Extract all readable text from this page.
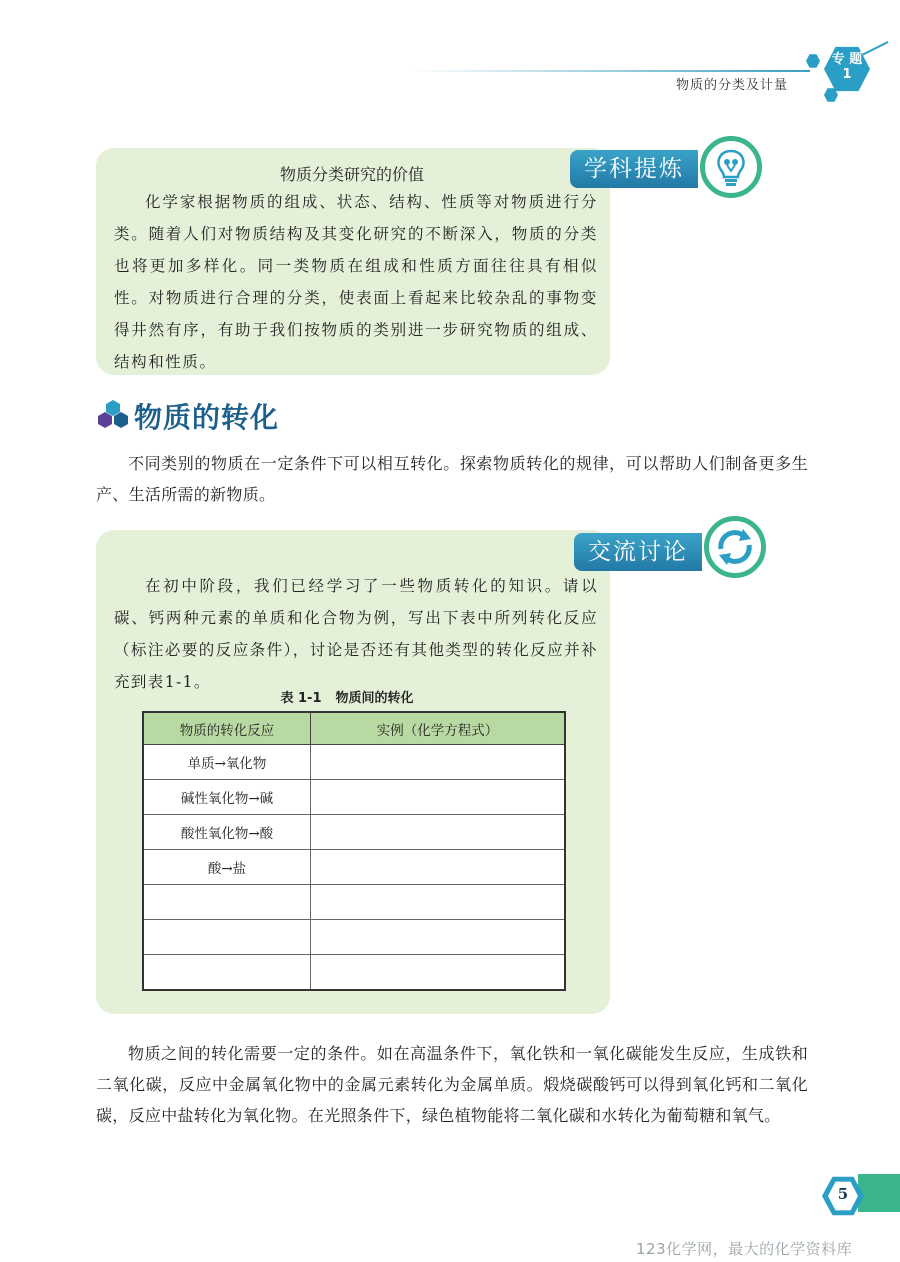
物质的分类及计量
专 题
1
学科提炼
物质分类研究的价值
化学家根据物质的组成、状态、结构、性质等对物质进行分类。随着人们对物质结构及其变化研究的不断深入，物质的分类也将更加多样化。同一类物质在组成和性质方面往往具有相似性。对物质进行合理的分类，使表面上看起来比较杂乱的事物变得井然有序，有助于我们按物质的类别进一步研究物质的组成、结构和性质。
物质的转化
不同类别的物质在一定条件下可以相互转化。探索物质转化的规律，可以帮助人们制备更多生产、生活所需的新物质。
交流讨论
在初中阶段，我们已经学习了一些物质转化的知识。请以碳、钙两种元素的单质和化合物为例，写出下表中所列转化反应（标注必要的反应条件），讨论是否还有其他类型的转化反应并补充到表1-1。
表 1-1 物质间的转化
物质的转化反应	实例（化学方程式）
单质→氧化物	
碱性氧化物→碱	
酸性氧化物→酸	
酸→盐	

物质之间的转化需要一定的条件。如在高温条件下，氧化铁和一氧化碳能发生反应，生成铁和二氧化碳，反应中金属氧化物中的金属元素转化为金属单质。煅烧碳酸钙可以得到氧化钙和二氧化碳，反应中盐转化为氧化物。在光照条件下，绿色植物能将二氧化碳和水转化为葡萄糖和氧气。
5
123化学网，最大的化学资料库
